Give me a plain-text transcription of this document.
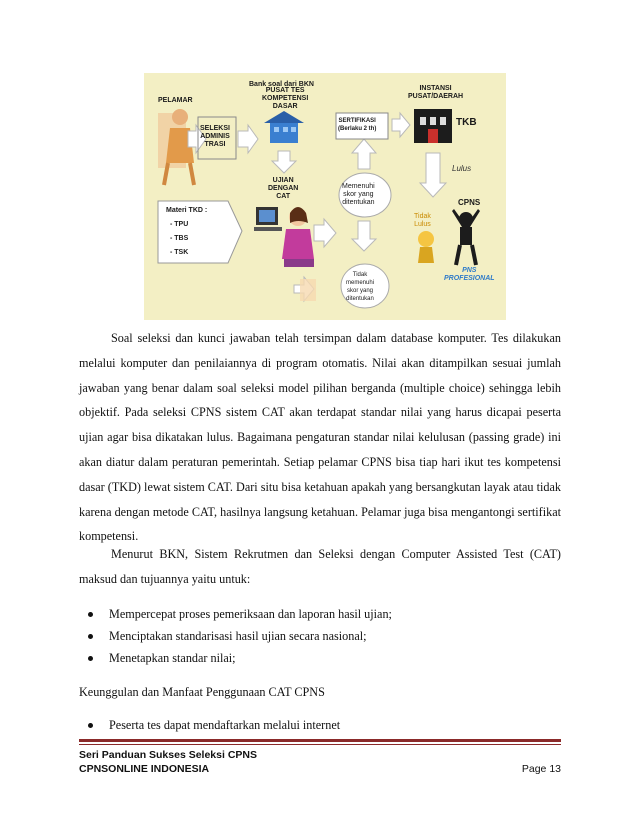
Bank soal dari BKN
PELAMAR
PUSAT TES
KOMPETENSI
DASAR
SERTIFIKASI
(Berlaku 2 th)
INSTANSI
PUSAT/DAERAH
TKB
SELEKSI
ADMINIS
TRASI
UJIAN
DENGAN
CAT
Memenuhi
skor yang
ditentukan
Lulus
Materi TKD :
- TPU
- TBS
- TSK
CPNS
Tidak
Lulus
Tidak
memenuhi
skor yang
ditentukan
PNS
PROFESIONAL

Soal seleksi dan kunci jawaban telah tersimpan dalam database komputer. Tes dilakukan melalui komputer dan penilaiannya di program otomatis. Nilai akan ditampilkan sesuai jumlah jawaban yang benar dalam soal seleksi model pilihan berganda (multiple choice) sehingga lebih objektif. Pada seleksi CPNS sistem CAT akan terdapat standar nilai yang harus dicapai peserta ujian agar bisa dikatakan lulus. Bagaimana pengaturan standar nilai kelulusan (passing grade) ini akan diatur dalam peraturan pemerintah. Setiap pelamar CPNS bisa tiap hari ikut tes kompetensi dasar (TKD) lewat sistem CAT. Dari situ bisa ketahuan apakah yang bersangkutan layak atau tidak karena dengan metode CAT, hasilnya langsung ketahuan. Pelamar juga bisa mengantongi sertifikat kompetensi.

Menurut BKN, Sistem Rekrutmen dan Seleksi dengan Computer Assisted Test (CAT) maksud dan tujuannya yaitu untuk:

Mempercepat proses pemeriksaan dan laporan hasil ujian;
Menciptakan standarisasi hasil ujian secara nasional;
Menetapkan standar nilai;

Keunggulan dan Manfaat Penggunaan CAT CPNS

Peserta tes dapat mendaftarkan melalui internet
Seri Panduan Sukses Seleksi CPNS
CPNSONLINE INDONESIA	Page 13
